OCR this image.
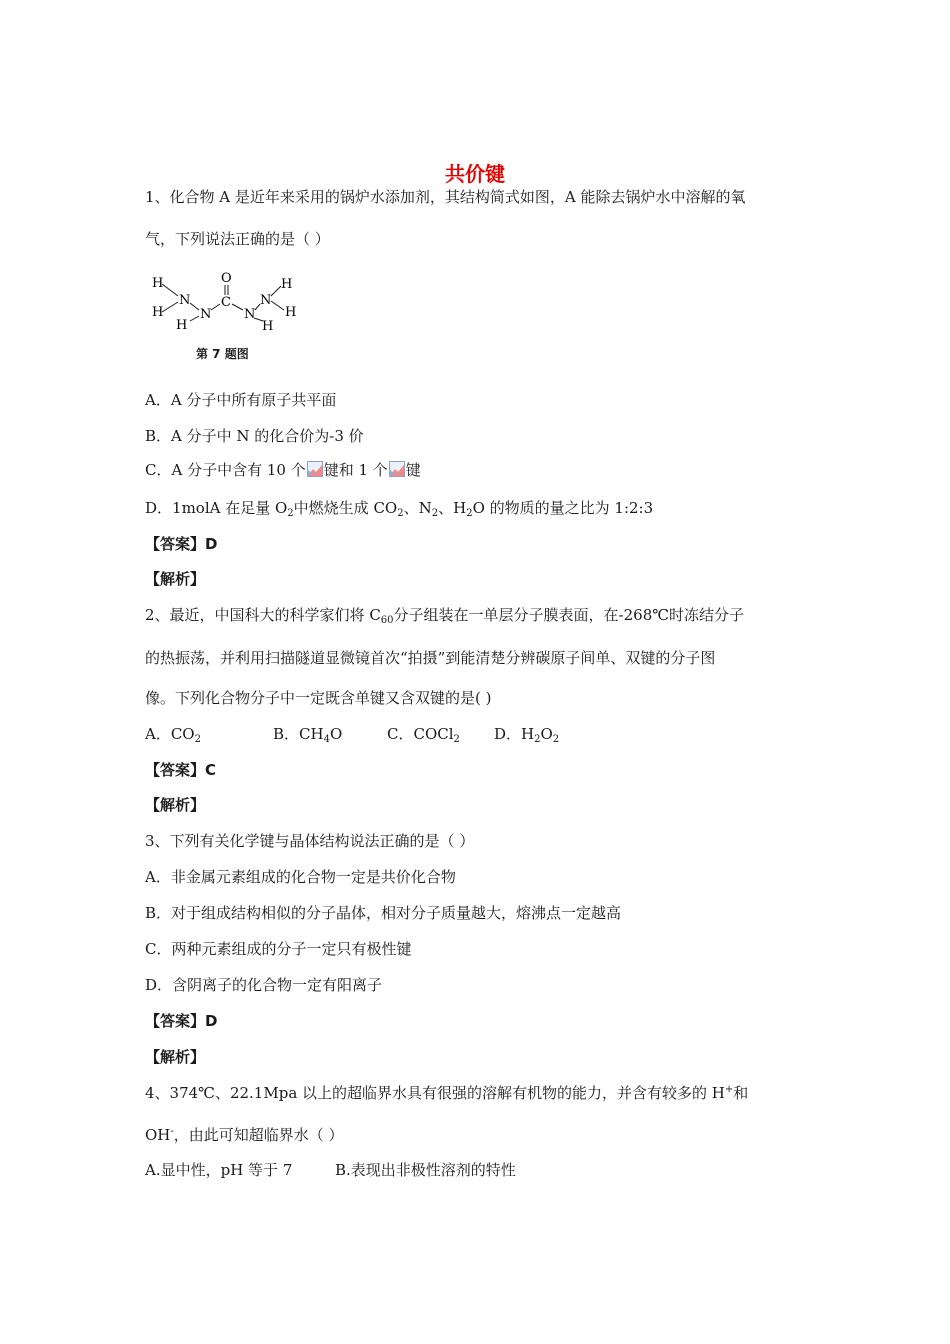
共价键
1、化合物 A 是近年来采用的锅炉水添加剂，其结构简式如图，A 能除去锅炉水中溶解的氧
气，下列说法正确的是（ ）
H
H
N
H
N
C
O
N
N
H
H
H
第 7 题图
A．A 分子中所有原子共平面
B．A 分子中 N 的化合价为-3 价
C．A 分子中含有 10 个 键和 1 个 键
D．1molA 在足量 $O_2$中燃烧生成 $CO_2$、$N_2$、$H_2O$ 的物质的量之比为 1:2:3
【答案】D
【解析】
2、最近，中国科大的科学家们将 $C_{60}$分子组装在一单层分子膜表面，在-268℃时冻结分子
的热振荡，并利用扫描隧道显微镜首次“拍摄”到能清楚分辨碳原子间单、双键的分子图
像。下列化合物分子中一定既含单键又含双键的是( )
A．$CO_2$	B．$CH_4O$	C．COCl$_2$ D．$H_2O_2$
【答案】C
【解析】
3、下列有关化学键与晶体结构说法正确的是（ ）
A．非金属元素组成的化合物一定是共价化合物
B．对于组成结构相似的分子晶体，相对分子质量越大，熔沸点一定越高
C．两种元素组成的分子一定只有极性键
D．含阴离子的化合物一定有阳离子
【答案】D
【解析】
4、374℃、22.1Mpa 以上的超临界水具有很强的溶解有机物的能力，并含有较多的 H+和
OH-，由此可知超临界水（ ）
A.显中性，pH 等于 7	B.表现出非极性溶剂的特性
